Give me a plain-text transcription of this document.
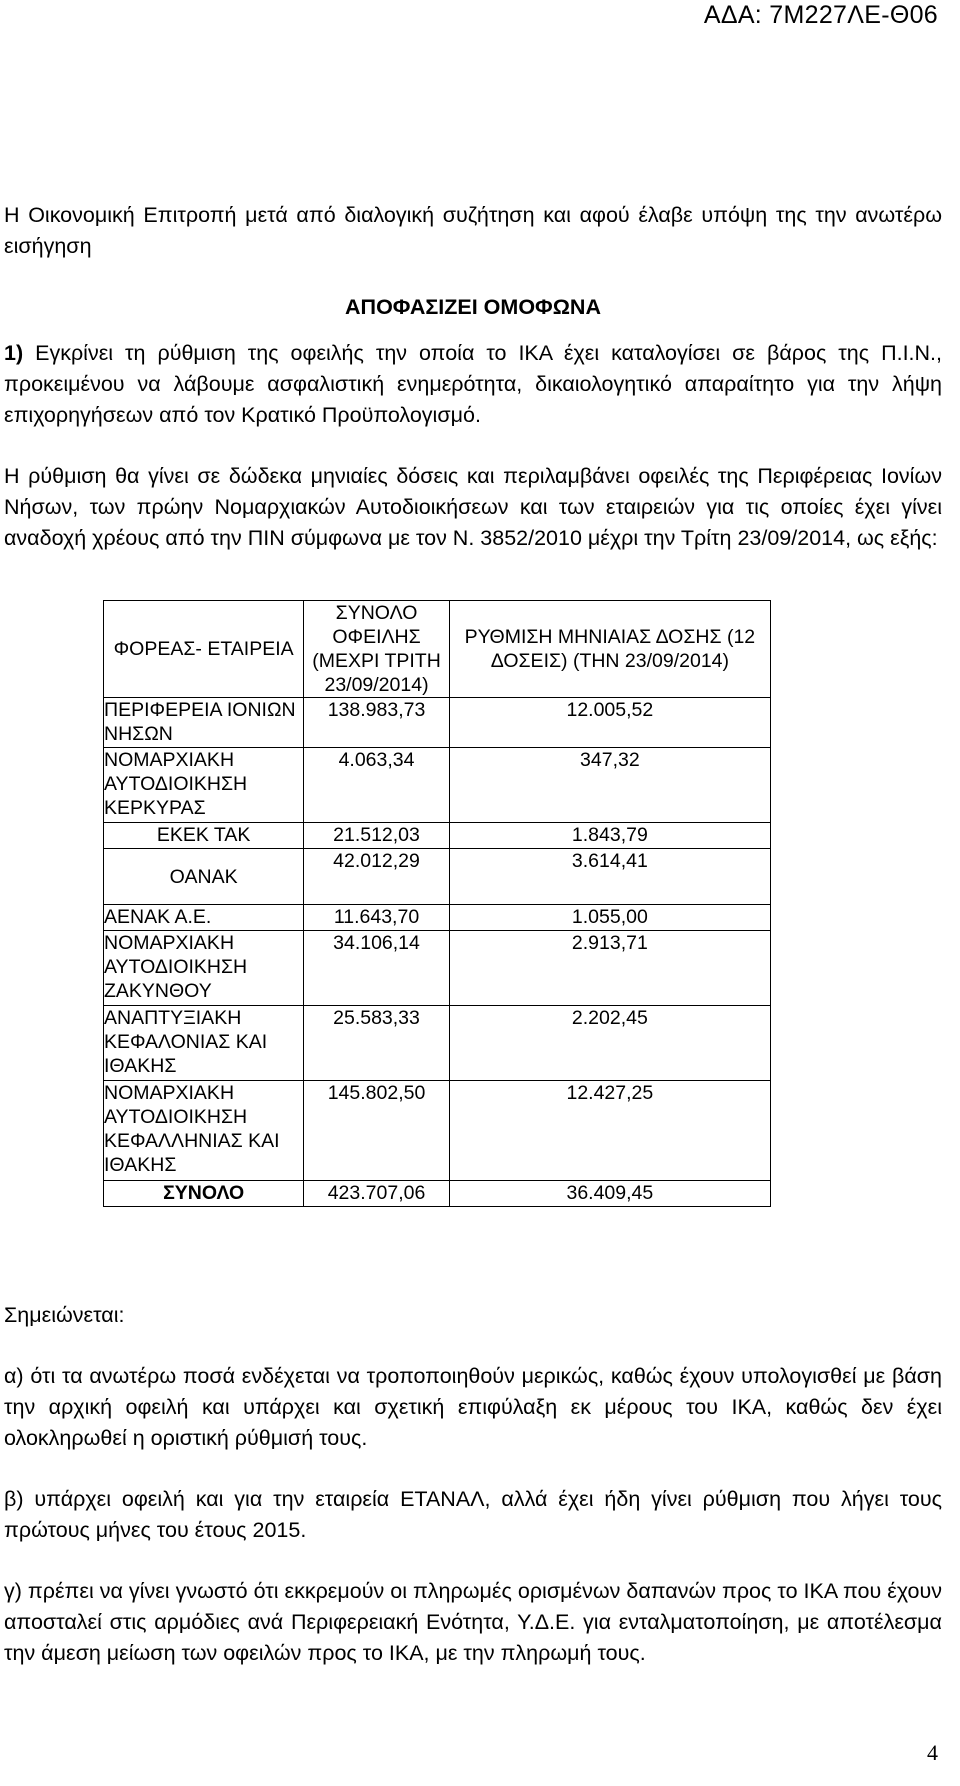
ΑΔΑ: 7Μ227ΛΕ-Θ06

Η Οικονομική Επιτροπή μετά από διαλογική συζήτηση και αφού έλαβε υπόψη της την ανωτέρω εισήγηση

ΑΠΟΦΑΣΙΖΕΙ ΟΜΟΦΩΝΑ

1) Εγκρίνει τη ρύθμιση της οφειλής την οποία το ΙΚΑ έχει καταλογίσει σε βάρος της Π.Ι.Ν., προκειμένου να λάβουμε ασφαλιστική ενημερότητα, δικαιολογητικό απαραίτητο για την λήψη επιχορηγήσεων από τον Κρατικό Προϋπολογισμό.

Η ρύθμιση θα γίνει σε δώδεκα μηνιαίες δόσεις και περιλαμβάνει οφειλές της Περιφέρειας Ιονίων Νήσων, των πρώην Νομαρχιακών Αυτοδιοικήσεων και των εταιρειών για τις οποίες έχει γίνει αναδοχή χρέους από την ΠΙΝ σύμφωνα με τον Ν. 3852/2010 μέχρι την Τρίτη 23/09/2014, ως εξής:

ΦΟΡΕΑΣ- ΕΤΑΙΡΕΙΑ	ΣΥΝΟΛΟ ΟΦΕΙΛΗΣ (ΜΕΧΡΙ ΤΡΙΤΗ 23/09/2014)	ΡΥΘΜΙΣΗ ΜΗΝΙΑΙΑΣ ΔΟΣΗΣ (12 ΔΟΣΕΙΣ) (ΤΗΝ 23/09/2014)
ΠΕΡΙΦΕΡΕΙΑ ΙΟΝΙΩΝ ΝΗΣΩΝ	138.983,73	12.005,52
ΝΟΜΑΡΧΙΑΚΗ ΑΥΤΟΔΙΟΙΚΗΣΗ ΚΕΡΚΥΡΑΣ	4.063,34	347,32
ΕΚΕΚ ΤΑΚ	21.512,03	1.843,79
ΟΑΝΑΚ	42.012,29	3.614,41
ΑΕΝΑΚ Α.Ε.	11.643,70	1.055,00
ΝΟΜΑΡΧΙΑΚΗ ΑΥΤΟΔΙΟΙΚΗΣΗ ΖΑΚΥΝΘΟΥ	34.106,14	2.913,71
ΑΝΑΠΤΥΞΙΑΚΗ ΚΕΦΑΛΟΝΙΑΣ ΚΑΙ ΙΘΑΚΗΣ	25.583,33	2.202,45
ΝΟΜΑΡΧΙΑΚΗ ΑΥΤΟΔΙΟΙΚΗΣΗ ΚΕΦΑΛΛΗΝΙΑΣ ΚΑΙ ΙΘΑΚΗΣ	145.802,50	12.427,25
ΣΥΝΟΛΟ	423.707,06	36.409,45

Σημειώνεται:

α) ότι τα ανωτέρω ποσά ενδέχεται να τροποποιηθούν μερικώς, καθώς έχουν υπολογισθεί με βάση την αρχική οφειλή και υπάρχει και σχετική επιφύλαξη εκ μέρους του ΙΚΑ, καθώς δεν έχει ολοκληρωθεί η οριστική ρύθμισή τους.

β) υπάρχει οφειλή και για την εταιρεία ΕΤΑΝΑΛ, αλλά έχει ήδη γίνει ρύθμιση που λήγει τους πρώτους μήνες του έτους 2015.

γ) πρέπει να γίνει γνωστό ότι εκκρεμούν οι πληρωμές ορισμένων δαπανών προς το ΙΚΑ που έχουν αποσταλεί στις αρμόδιες ανά Περιφερειακή Ενότητα, Υ.Δ.Ε. για ενταλματοποίηση, με αποτέλεσμα την άμεση μείωση των οφειλών προς το ΙΚΑ, με την πληρωμή τους.

4
